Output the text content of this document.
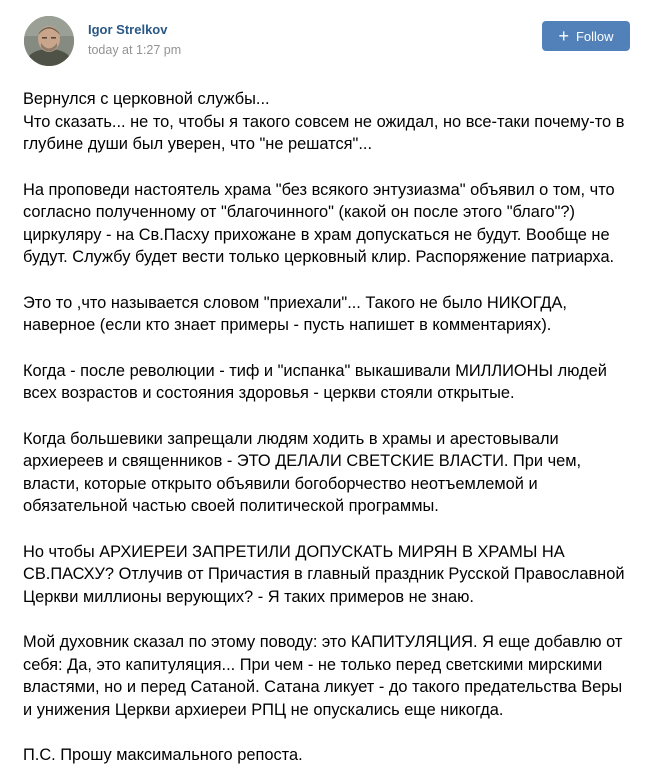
Igor Strelkov
today at 1:27 pm
+ Follow

Вернулся с церковной службы...
Что сказать... не то, чтобы я такого совсем не ожидал, но все-таки почему-то в глубине души был уверен, что "не решатся"...

На проповеди настоятель храма "без всякого энтузиазма" объявил о том, что согласно полученному от "благочинного" (какой он после этого "благо"?) циркуляру - на Св.Пасху прихожане в храм допускаться не будут. Вообще не будут. Службу будет вести только церковный клир. Распоряжение патриарха.

Это то ,что называется словом "приехали"... Такого не было НИКОГДА, наверное (если кто знает примеры - пусть напишет в комментариях).

Когда - после революции - тиф и "испанка" выкашивали МИЛЛИОНЫ людей всех возрастов и состояния здоровья - церкви стояли открытые.

Когда большевики запрещали людям ходить в храмы и арестовывали архиереев и священников - ЭТО ДЕЛАЛИ СВЕТСКИЕ ВЛАСТИ. При чем, власти, которые открыто объявили богоборчество неотъемлемой и обязательной частью своей политической программы.

Но чтобы АРХИЕРЕИ ЗАПРЕТИЛИ ДОПУСКАТЬ МИРЯН В ХРАМЫ НА СВ.ПАСХУ? Отлучив от Причастия в главный праздник Русской Православной Церкви миллионы верующих? - Я таких примеров не знаю.

Мой духовник сказал по этому поводу: это КАПИТУЛЯЦИЯ. Я еще добавлю от себя: Да, это капитуляция... При чем - не только перед светскими мирскими властями, но и перед Сатаной. Сатана ликует - до такого предательства Веры и унижения Церкви архиереи РПЦ не опускались еще никогда.

П.С. Прошу максимального репоста.
